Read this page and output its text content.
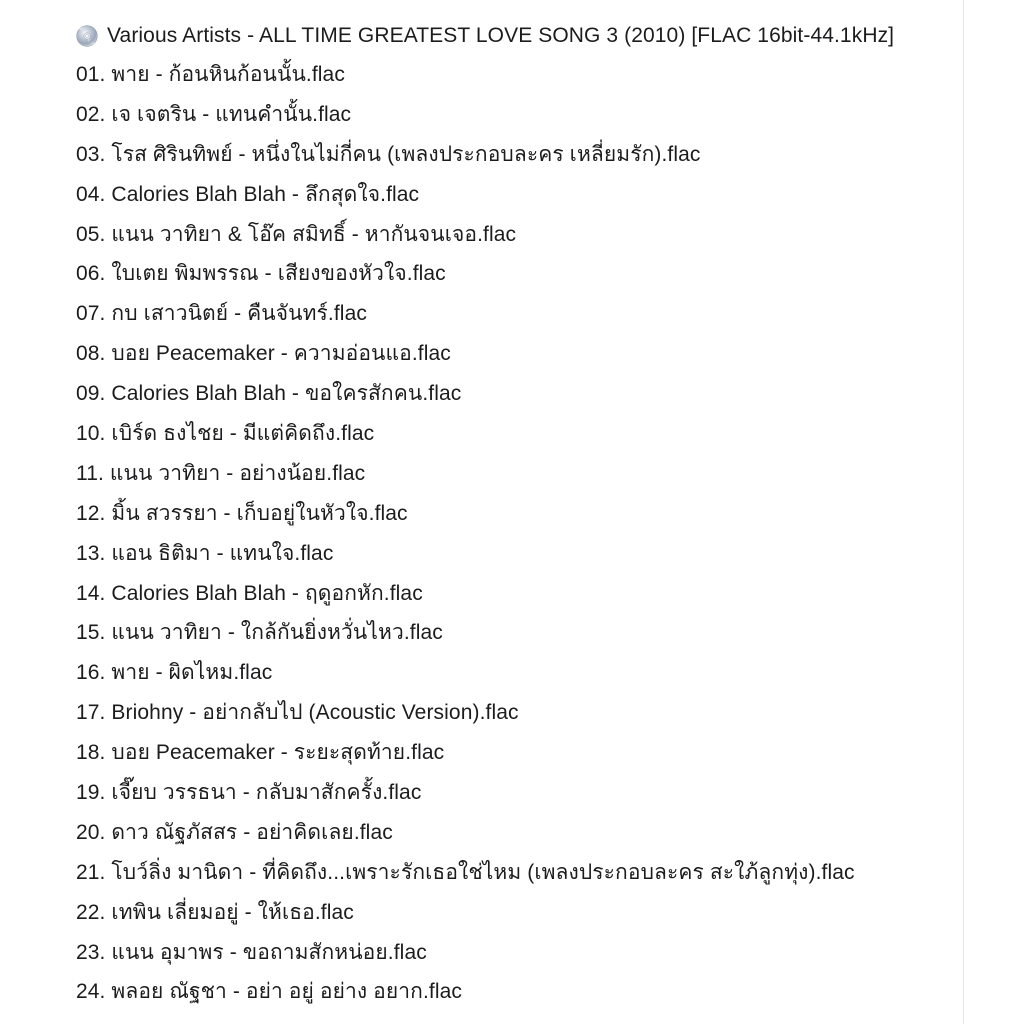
Various Artists - ALL TIME GREATEST LOVE SONG 3 (2010) [FLAC 16bit-44.1kHz]
01. พาย - ก้อนหินก้อนนั้น.flac
02. เจ เจตริน - แทนคำนั้น.flac
03. โรส ศิรินทิพย์ - หนึ่งในไม่กี่คน (เพลงประกอบละคร เหลี่ยมรัก).flac
04. Calories Blah Blah - ลึกสุดใจ.flac
05. แนน วาทิยา & โอ๊ค สมิทธิ์ - หากันจนเจอ.flac
06. ใบเตย พิมพรรณ - เสียงของหัวใจ.flac
07. กบ เสาวนิตย์ - คืนจันทร์.flac
08. บอย Peacemaker - ความอ่อนแอ.flac
09. Calories Blah Blah - ขอใครสักคน.flac
10. เบิร์ด ธงไชย - มีแต่คิดถึง.flac
11. แนน วาทิยา - อย่างน้อย.flac
12. มิ้น สวรรยา - เก็บอยู่ในหัวใจ.flac
13. แอน ธิติมา - แทนใจ.flac
14. Calories Blah Blah - ฤดูอกหัก.flac
15. แนน วาทิยา - ใกล้กันยิ่งหวั่นไหว.flac
16. พาย - ผิดไหม.flac
17. Briohny - อย่ากลับไป (Acoustic Version).flac
18. บอย Peacemaker - ระยะสุดท้าย.flac
19. เจี๊ยบ วรรธนา - กลับมาสักครั้ง.flac
20. ดาว ณัฐภัสสร - อย่าคิดเลย.flac
21. โบว์ลิ่ง มานิดา - ที่คิดถึง...เพราะรักเธอใช่ไหม (เพลงประกอบละคร สะใภ้ลูกทุ่ง).flac
22. เทพิน เลี่ยมอยู่ - ให้เธอ.flac
23. แนน อุมาพร - ขอถามสักหน่อย.flac
24. พลอย ณัฐชา - อย่า อยู่ อย่าง อยาก.flac
